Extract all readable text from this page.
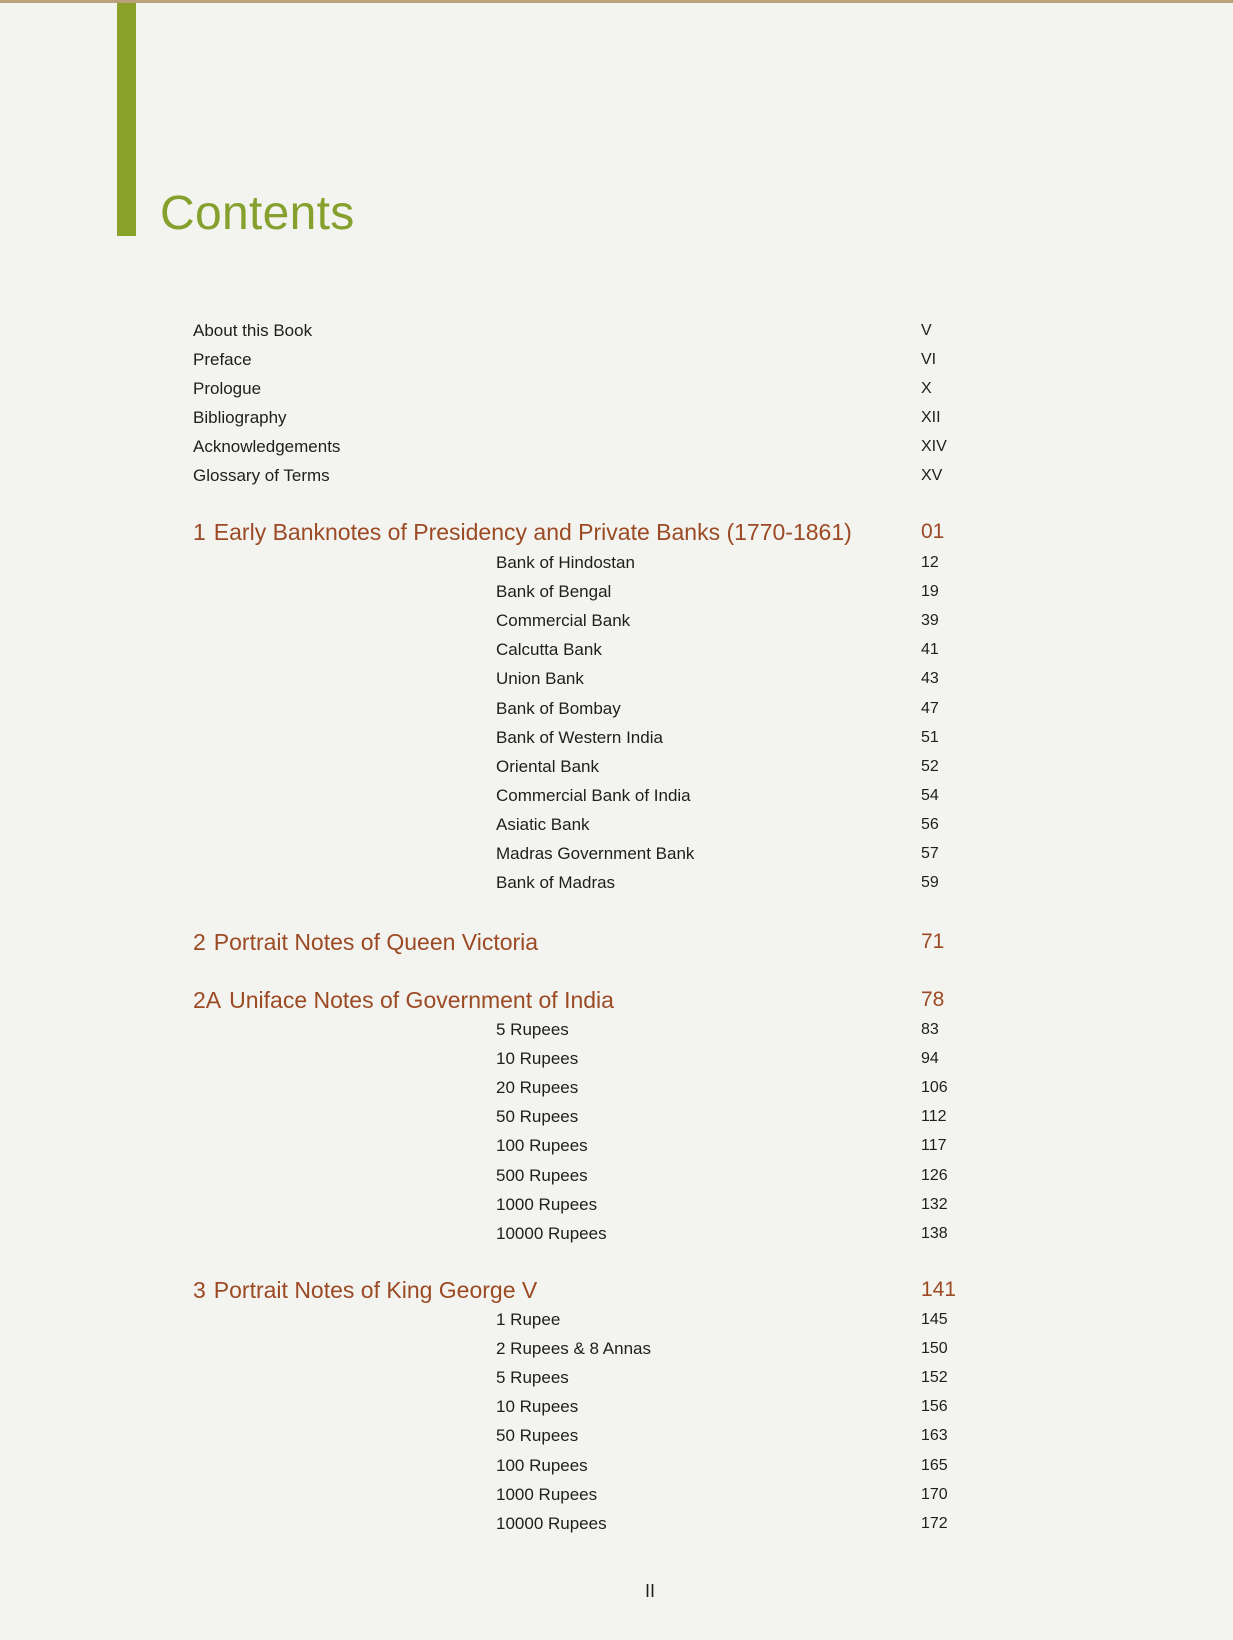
Contents
About this Book	V
Preface	VI
Prologue	X
Bibliography	XII
Acknowledgements	XIV
Glossary of Terms	XV
1 Early Banknotes of Presidency and Private Banks (1770-1861)	01
Bank of Hindostan	12
Bank of Bengal	19
Commercial Bank	39
Calcutta Bank	41
Union Bank	43
Bank of Bombay	47
Bank of Western India	51
Oriental Bank	52
Commercial Bank of India	54
Asiatic Bank	56
Madras Government Bank	57
Bank of Madras	59
2 Portrait Notes of Queen Victoria	71
2A Uniface Notes of Government of India	78
5 Rupees	83
10 Rupees	94
20 Rupees	106
50 Rupees	112
100 Rupees	117
500 Rupees	126
1000 Rupees	132
10000 Rupees	138
3 Portrait Notes of King George V	141
1 Rupee	145
2 Rupees & 8 Annas	150
5 Rupees	152
10 Rupees	156
50 Rupees	163
100 Rupees	165
1000 Rupees	170
10000 Rupees	172
II
